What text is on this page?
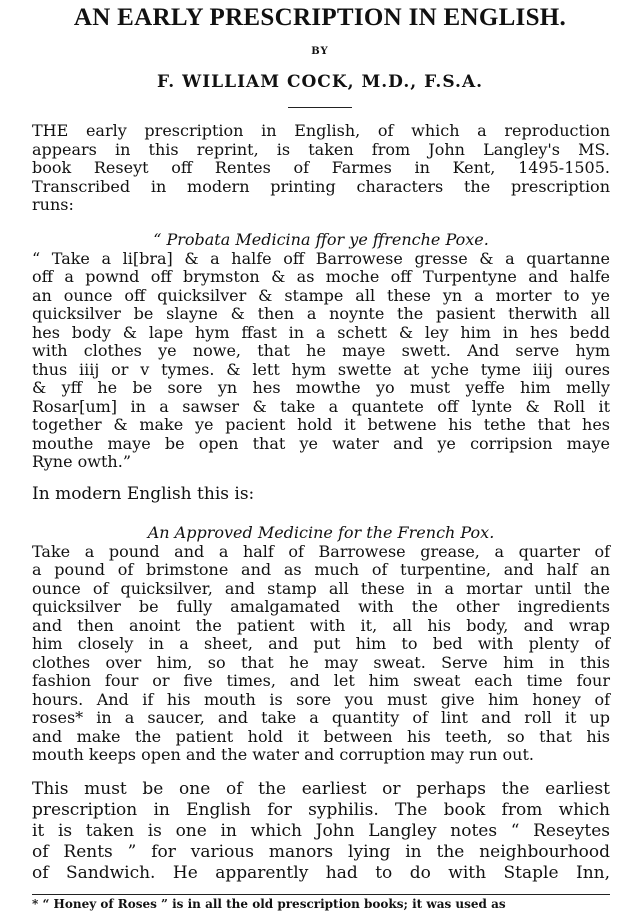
AN EARLY PRESCRIPTION IN ENGLISH.
BY
F. WILLIAM COCK, M.D., F.S.A.
THE early prescription in English, of which a reproduction
appears in this reprint, is taken from John Langley's MS.
book Reseyt off Rentes of Farmes in Kent, 1495-1505.
Transcribed in modern printing characters the prescription
runs:
“ Probata Medicina ffor ye ffrenche Poxe.
“ Take a li[bra] & a halfe off Barrowese gresse & a quartanne
off a pownd off brymston & as moche off Turpentyne and halfe
an ounce off quicksilver & stampe all these yn a morter to ye
quicksilver be slayne & then a noynte the pasient therwith all
hes body & lape hym ffast in a schett & ley him in hes bedd
with clothes ye nowe, that he maye swett. And serve hym
thus iiij or v tymes. & lett hym swette at yche tyme iiij oures
& yff he be sore yn hes mowthe yo must yeffe him melly
Rosar[um] in a sawser & take a quantete off lynte & Roll it
together & make ye pacient hold it betwene his tethe that hes
mouthe maye be open that ye water and ye corripsion maye
Ryne owth.”
In modern English this is:
An Approved Medicine for the French Pox.
Take a pound and a half of Barrowese grease, a quarter of
a pound of brimstone and as much of turpentine, and half an
ounce of quicksilver, and stamp all these in a mortar until the
quicksilver be fully amalgamated with the other ingredients
and then anoint the patient with it, all his body, and wrap
him closely in a sheet, and put him to bed with plenty of
clothes over him, so that he may sweat. Serve him in this
fashion four or five times, and let him sweat each time four
hours. And if his mouth is sore you must give him honey of
roses* in a saucer, and take a quantity of lint and roll it up
and make the patient hold it between his teeth, so that his
mouth keeps open and the water and corruption may run out.
This must be one of the earliest or perhaps the earliest
prescription in English for syphilis. The book from which
it is taken is one in which John Langley notes “ Reseytes
of Rents ” for various manors lying in the neighbourhood
of Sandwich. He apparently had to do with Staple Inn,
* “ Honey of Roses ” is in all the old prescription books; it was used as
